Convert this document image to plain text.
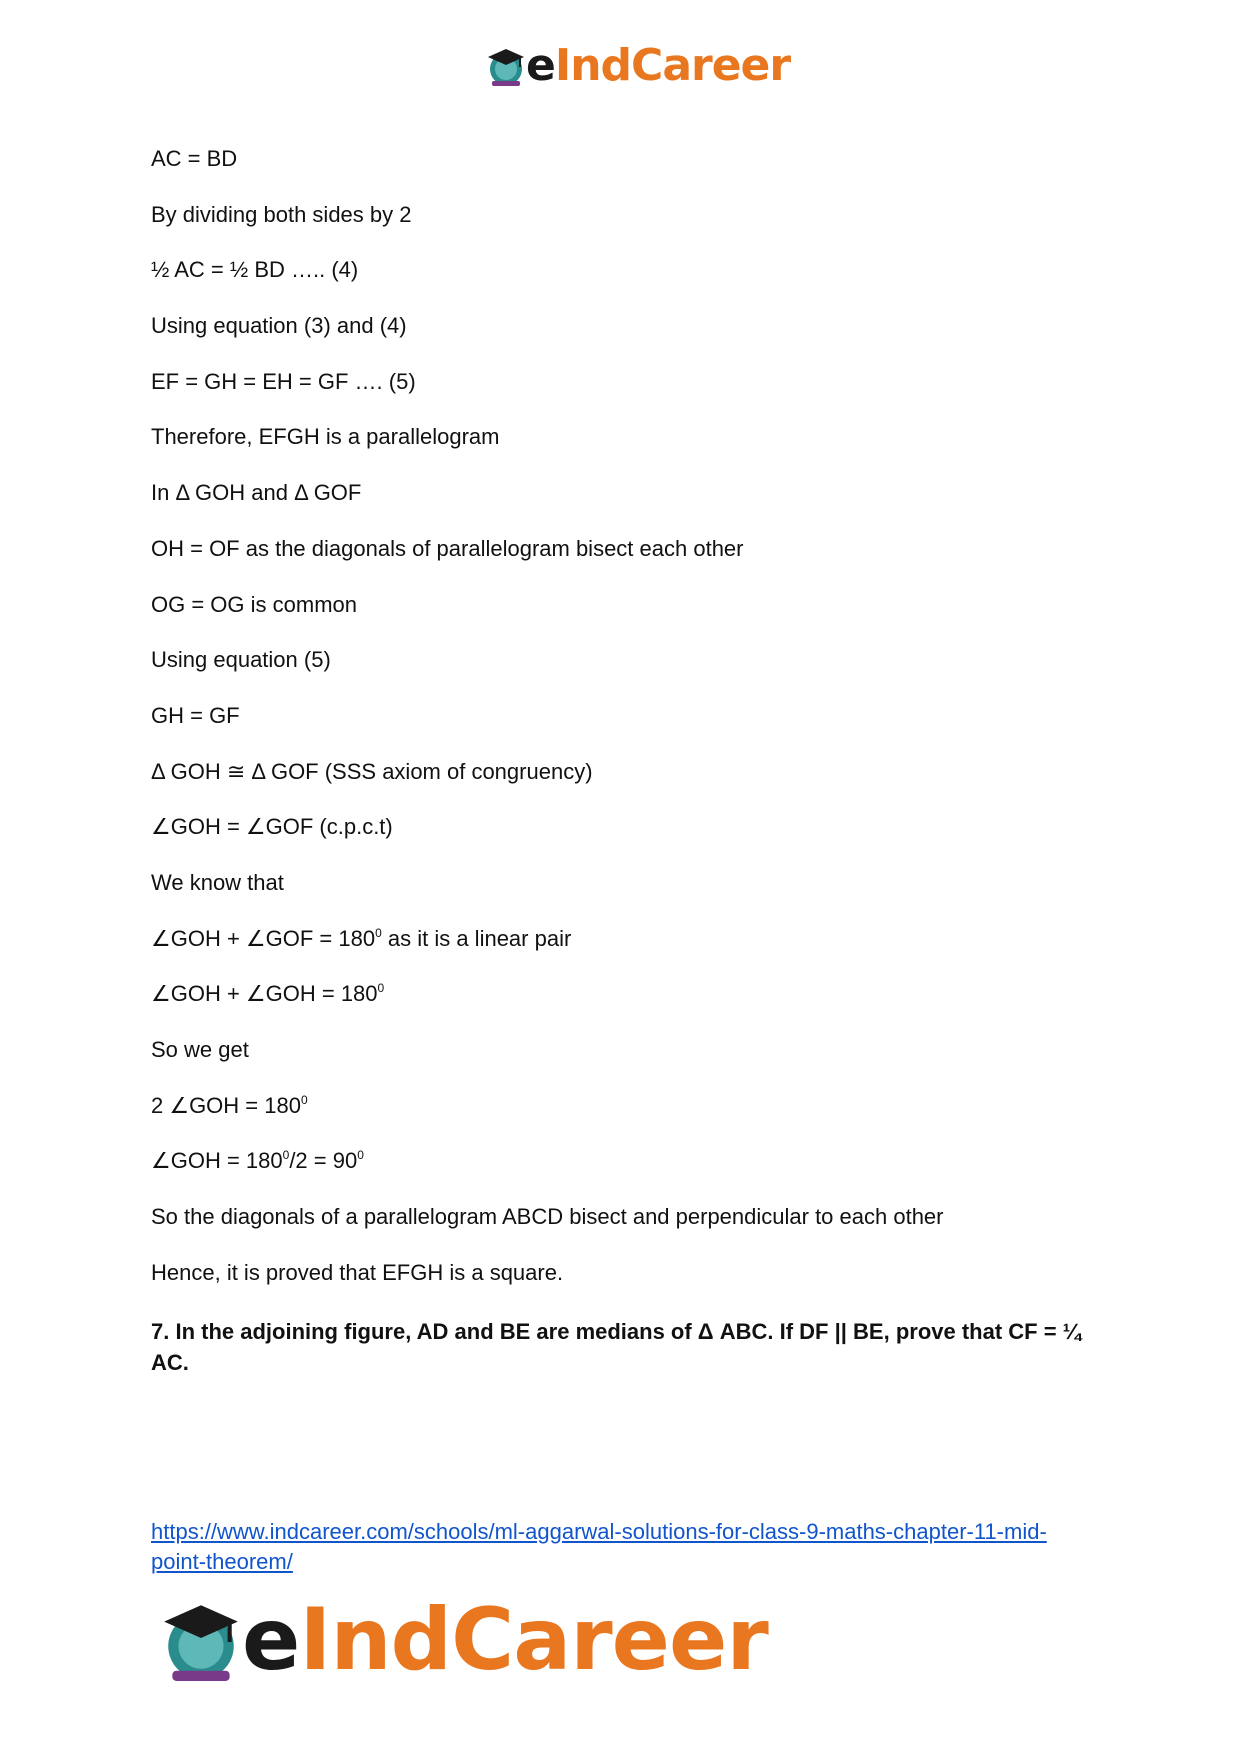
eIndCareer
AC = BD
By dividing both sides by 2
½ AC = ½ BD ….. (4)
Using equation (3) and (4)
EF = GH = EH = GF …. (5)
Therefore, EFGH is a parallelogram
In Δ GOH and Δ GOF
OH = OF as the diagonals of parallelogram bisect each other
OG = OG is common
Using equation (5)
GH = GF
Δ GOH ≅ Δ GOF (SSS axiom of congruency)
∠GOH = ∠GOF (c.p.c.t)
We know that
∠GOH + ∠GOF = $180^0$ as it is a linear pair
∠GOH + ∠GOH = $180^0$
So we get
2 ∠GOH = $180^0$
∠GOH = $180^0/2 = 90^0$
So the diagonals of a parallelogram ABCD bisect and perpendicular to each other
Hence, it is proved that EFGH is a square.
7. In the adjoining figure, AD and BE are medians of Δ ABC. If DF || BE, prove that CF = ¼ AC.
https://www.indcareer.com/schools/ml-aggarwal-solutions-for-class-9-maths-chapter-11-mid-point-theorem/
eIndCareer
